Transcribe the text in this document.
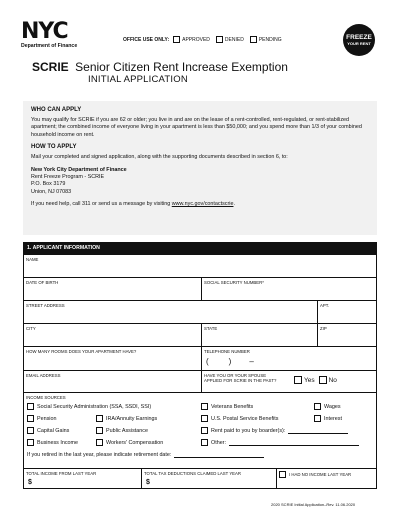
NYC
Department of Finance
OFFICE USE ONLY:	APPROVED	DENIED	PENDING	FREEZE
YOUR RENT
SCRIE Senior Citizen Rent Increase Exemption
INITIAL APPLICATION
WHO CAN APPLY

You may qualify for SCRIE if you are 62 or older; you live in and are on the lease of a rent-controlled, rent-regulated, or rent-stabilized apartment; the combined income of everyone living in your apartment is less than $50,000; and you spend more than 1/3 of your combined household income on rent.

HOW TO APPLY

Mail your completed and signed application, along with the supporting documents described in section 6, to:

New York City Department of Finance
Rent Freeze Program - SCRIE
P.O. Box 3179
Union, NJ 07083
If you need help, call 311 or send us a message by visiting www.nyc.gov/contactscrie.
1. APPLICANT INFORMATION
NAME
DATE OF BIRTH	SOCIAL SECURITY NUMBER*
STREET ADDRESS	APT.
CITY	STATE	ZIP
HOW MANY ROOMS DOES YOUR APARTMENT HAVE?	TELEPHONE NUMBER
(	) –
EMAIL ADDRESS	HAVE YOU OR YOUR SPOUSE
APPLIED FOR SCRIE IN THE PAST?	Yes No
INCOME SOURCES
Social Security Administration (SSA, SSDI, SSI)	Veterans Benefits	Wages
Pension	IRA/Annuity Earnings	U.S. Postal Service Benefits	Interest
Capital Gains	Public Assistance	Rent paid to you by boarder(s):
Business Income	Workers' Compensation	Other:
If you retired in the last year, please indicate retirement date:
TOTAL INCOME FROM LAST YEAR
$
TOTAL TAX DEDUCTIONS CLAIMED LAST YEAR
$
I HAD NO INCOME LAST YEAR
2020 SCRIE Initial Application–Rev. 11.06.2020
